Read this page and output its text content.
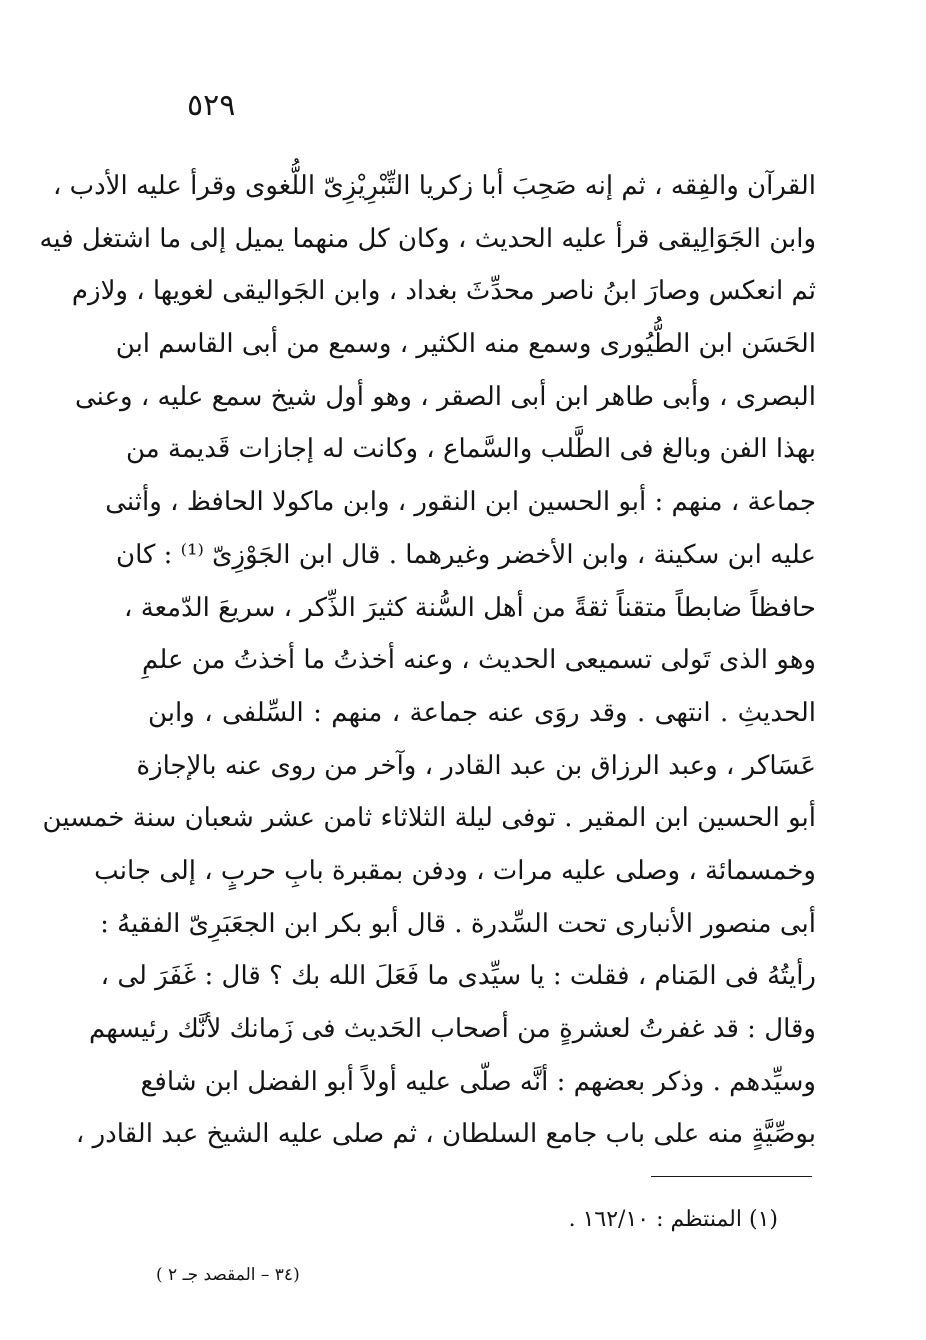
٥٢٩
القرآن والفِقه ، ثم إنه صَحِبَ أبا زكريا التِّبْرِيْزِىّ اللُّغوى وقرأ عليه الأدب ،
وابن الجَوَالِيقى قرأ عليه الحديث ، وكان كل منهما يميل إلى ما اشتغل فيه
ثم انعكس وصارَ ابنُ ناصر محدِّثَ بغداد ، وابن الجَواليقى لغويها ، ولازم
الحَسَن ابن الطُّيُورى وسمع منه الكثير ، وسمع من أبى القاسم ابن
البصرى ، وأبى طاهر ابن أبى الصقر ، وهو أول شيخ سمع عليه ، وعنى
بهذا الفن وبالغ فى الطَّلب والسَّماع ، وكانت له إجازات قَديمة من
جماعة ، منهم : أبو الحسين ابن النقور ، وابن ماكولا الحافظ ، وأثنى
عليه ابن سكينة ، وابن الأخضر وغيرهما . قال ابن الجَوْزِىّ ⁽¹⁾ : كان
حافظاً ضابطاً متقناً ثقةً من أهل السُّنة كثيرَ الذِّكر ، سريعَ الدّمعة ،
وهو الذى تَولى تسميعى الحديث ، وعنه أخذتُ ما أخذتُ من علمِ
الحديثِ . انتهى . وقد روَى عنه جماعة ، منهم : السِّلفى ، وابن
عَسَاكر ، وعبد الرزاق بن عبد القادر ، وآخر من روى عنه بالإجازة
أبو الحسين ابن المقير . توفى ليلة الثلاثاء ثامن عشر شعبان سنة خمسين
وخمسمائة ، وصلى عليه مرات ، ودفن بمقبرة بابِ حربٍ ، إلى جانب
أبى منصور الأنبارى تحت السِّدرة . قال أبو بكر ابن الجعَبَرِىّ الفقيهُ :
رأيتُهُ فى المَنام ، فقلت : يا سيِّدى ما فَعَلَ الله بك ؟ قال : غَفَرَ لى ،
وقال : قد غفرتُ لعشرةٍ من أصحاب الحَديث فى زَمانك لأنَّك رئيسهم
وسيِّدهم . وذكر بعضهم : أنَّه صلّى عليه أولاً أبو الفضل ابن شافع
بوصِّيَّةٍ منه على باب جامع السلطان ، ثم صلى عليه الشيخ عبد القادر ،
(١) المنتظم : ١٦٢/١٠ .
(٣٤ – المقصد جـ ٢ )
